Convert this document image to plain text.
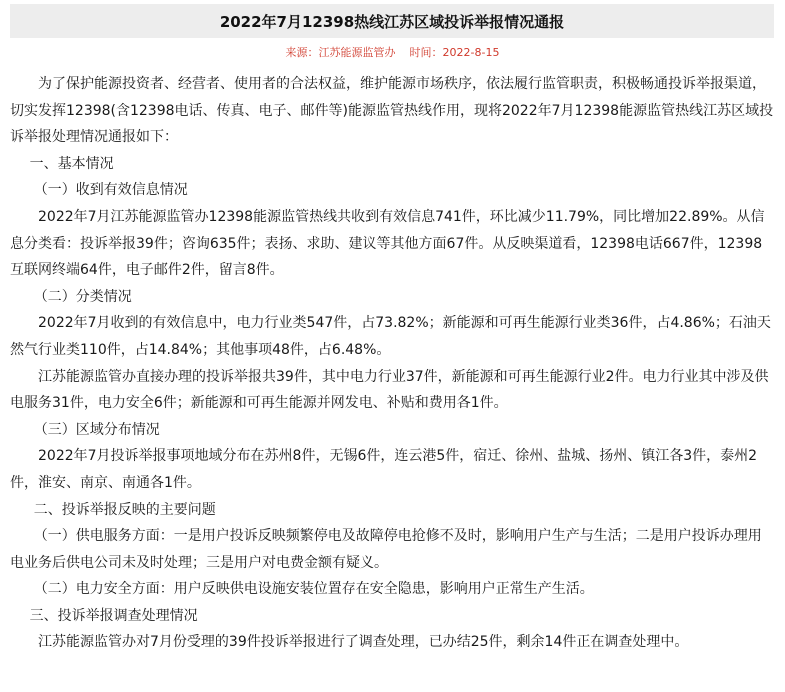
2022年7月12398热线江苏区域投诉举报情况通报
来源：江苏能源监管办 时间：2022-8-15

为了保护能源投资者、经营者、使用者的合法权益，维护能源市场秩序，依法履行监管职责，积极畅通投诉举报渠道，切实发挥12398(含12398电话、传真、电子、邮件等)能源监管热线作用，现将2022年7月12398能源监管热线江苏区域投诉举报处理情况通报如下：

一、基本情况

（一）收到有效信息情况

2022年7月江苏能源监管办12398能源监管热线共收到有效信息741件，环比减少11.79%，同比增加22.89%。从信息分类看：投诉举报39件；咨询635件；表扬、求助、建议等其他方面67件。从反映渠道看，12398电话667件，12398互联网终端64件，电子邮件2件，留言8件。

（二）分类情况

2022年7月收到的有效信息中，电力行业类547件，占73.82%；新能源和可再生能源行业类36件，占4.86%；石油天然气行业类110件，占14.84%；其他事项48件，占6.48%。

江苏能源监管办直接办理的投诉举报共39件，其中电力行业37件，新能源和可再生能源行业2件。电力行业其中涉及供电服务31件，电力安全6件；新能源和可再生能源并网发电、补贴和费用各1件。

（三）区域分布情况

2022年7月投诉举报事项地域分布在苏州8件，无锡6件，连云港5件，宿迁、徐州、盐城、扬州、镇江各3件，泰州2件，淮安、南京、南通各1件。

二、投诉举报反映的主要问题

（一）供电服务方面：一是用户投诉反映频繁停电及故障停电抢修不及时，影响用户生产与生活；二是用户投诉办理用电业务后供电公司未及时处理；三是用户对电费金额有疑义。

（二）电力安全方面：用户反映供电设施安装位置存在安全隐患，影响用户正常生产生活。

三、投诉举报调查处理情况

江苏能源监管办对7月份受理的39件投诉举报进行了调查处理，已办结25件，剩余14件正在调查处理中。
